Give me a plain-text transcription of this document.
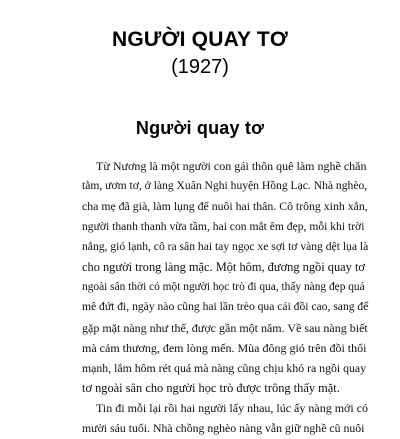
NGƯỜI QUAY TƠ
(1927)
Người quay tơ
Từ Nương là một người con gái thôn quê làm nghề chăn
tằm, ươm tơ, ở làng Xuân Nghi huyện Hồng Lạc. Nhà nghèo,
cha mẹ đã già, làm lụng để nuôi hai thân. Cô trông xinh xắn,
người thanh thanh vừa tầm, hai con mắt êm đẹp, mỗi khi trời
nắng, gió lạnh, cô ra sân hai tay ngọc xe sợi tơ vàng dệt lụa là
cho người trong làng mặc. Một hôm, đương ngồi quay tơ
ngoài sân thời có một người học trò đi qua, thấy nàng đẹp quá
mê đứt đi, ngày nào cũng hai lần trèo qua cái đồi cao, sang để
gặp mặt nàng như thế, được gần một năm. Về sau nàng biết
mà cảm thương, đem lòng mến. Mùa đông gió trên đồi thổi
mạnh, lắm hôm rét quá mà nàng cũng chịu khó ra ngồi quay
tơ ngoài sân cho người học trò được trông thấy mặt.
Tin đi mỗi lại rồi hai người lấy nhau, lúc ấy nàng mới có
mười sáu tuổi. Nhà chồng nghèo nàng vẫn giữ nghề cũ nuôi
